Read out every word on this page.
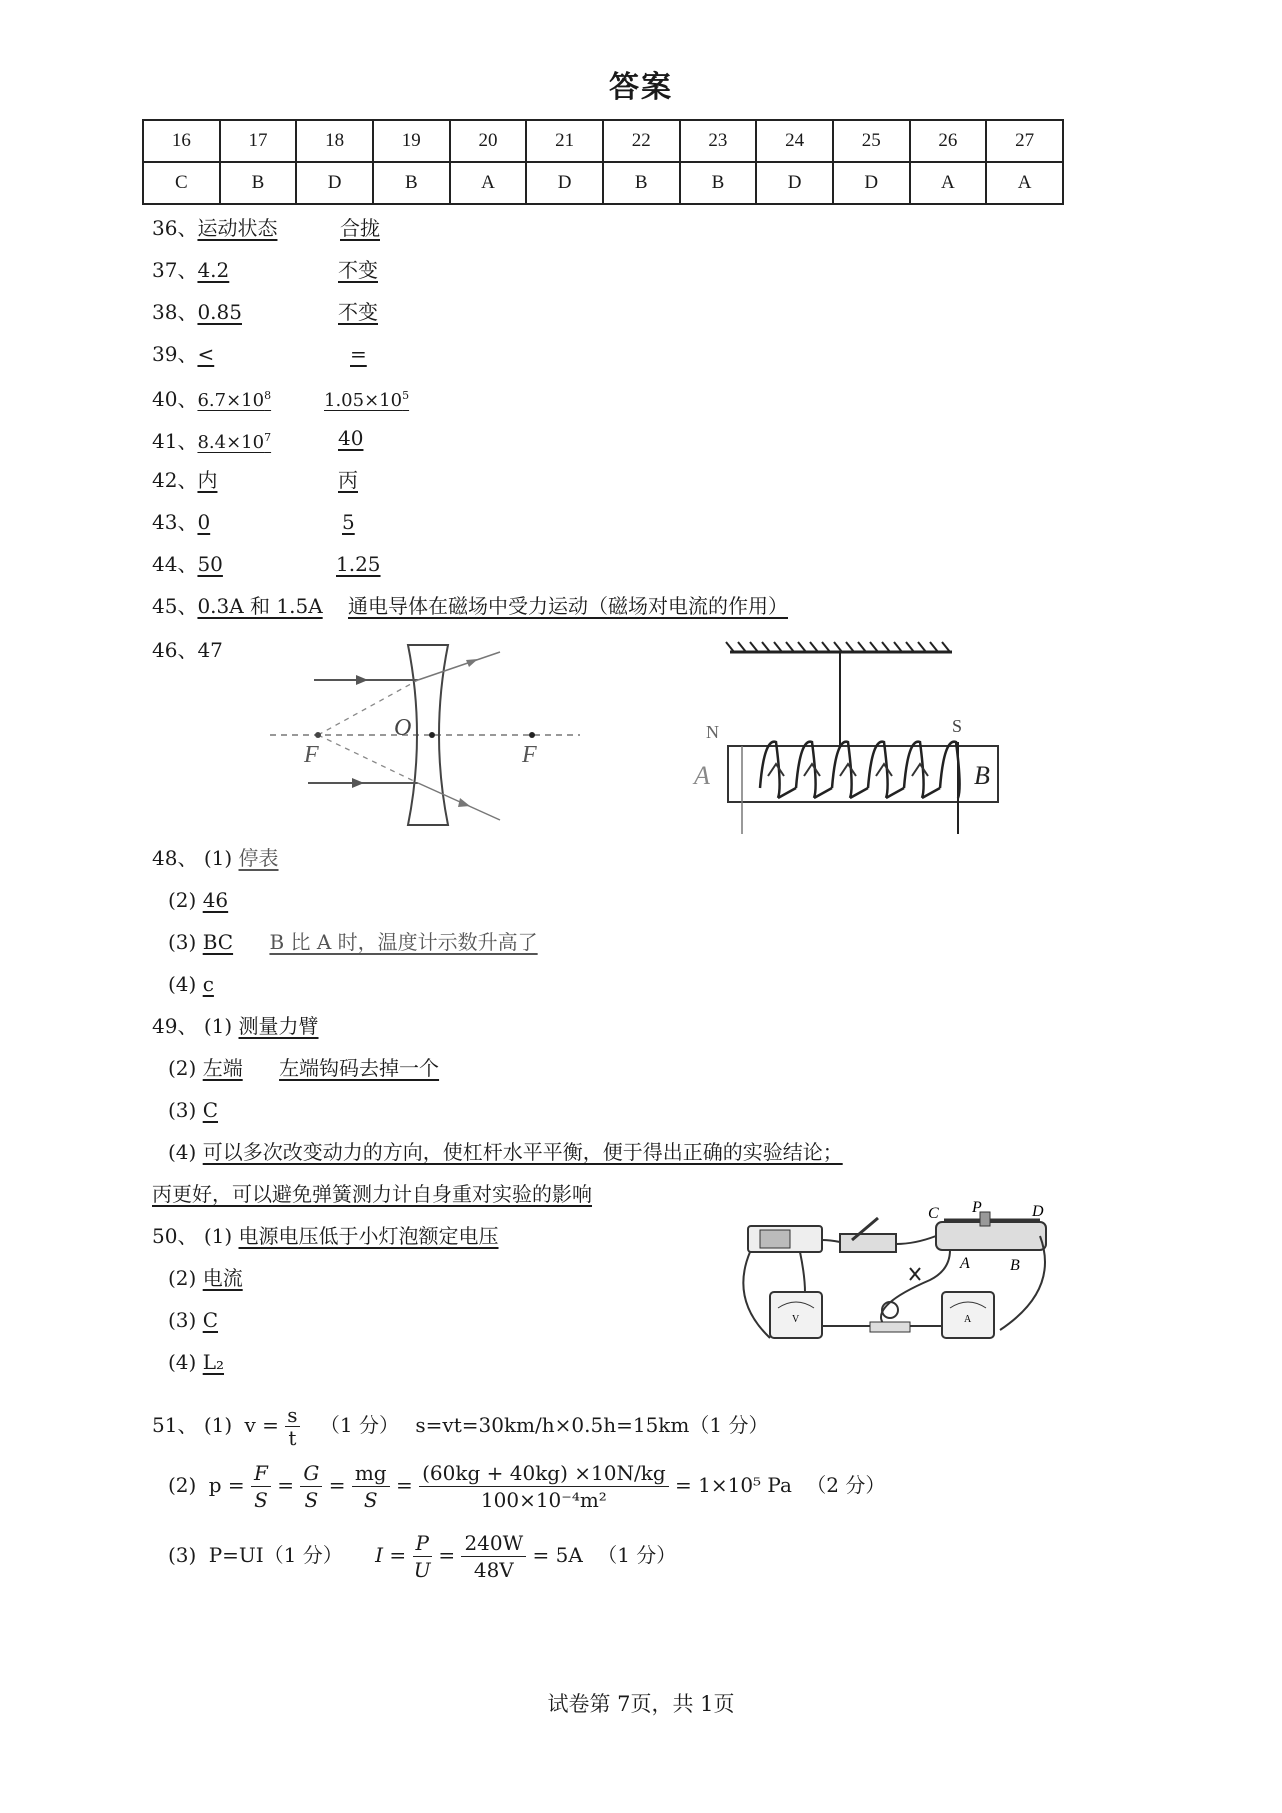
答案
16	17	18	19	20	21	22	23	24	25	26	27
C	B	D	B	A	D	B	B	D	D	A	A
36、运动状态	合拢
37、4.2	不变
38、0.85	不变
39、<	=
40、$6.7\times 10^8$	$1.05\times 10^5$
41、$8.4\times 10^7$	40
42、内	丙
43、0	5
44、50	1.25
45、0.3A 和 1.5A 通电导体在磁场中受力运动（磁场对电流的作用）
46、47
F
O
F
N	S
A	B
48、 (1) 停表
(2) 46
(3) BC B 比 A 时，温度计示数升高了
(4) c
49、 (1) 测量力臂
(2) 左端 左端钩码去掉一个
(3) C
(4) 可以多次改变动力的方向，使杠杆水平平衡，便于得出正确的实验结论；
丙更好，可以避免弹簧测力计自身重对实验的影响
50、 (1) 电源电压低于小灯泡额定电压
(2) 电流
(3) C
(4) L₂
C P	D
A	B
V	A
51、 (1) $v = \frac{s}{t} (1$ 分） s=vt=30km/h×0.5h=15km（1 分）
(2) $p = \frac{F}{S} = \frac{G}{S} = \frac{mg}{S} = \frac{(60kg + 40kg) \times 10N/kg}{\text{100×10⁻⁴m²}} = 1\times 10^5$ Pa （2 分）
(3) P=UI（1 分） $I = \frac{P}{U} = \frac{240W}{48V} = 5A$ （1 分）
试卷第 7页，共 1页
